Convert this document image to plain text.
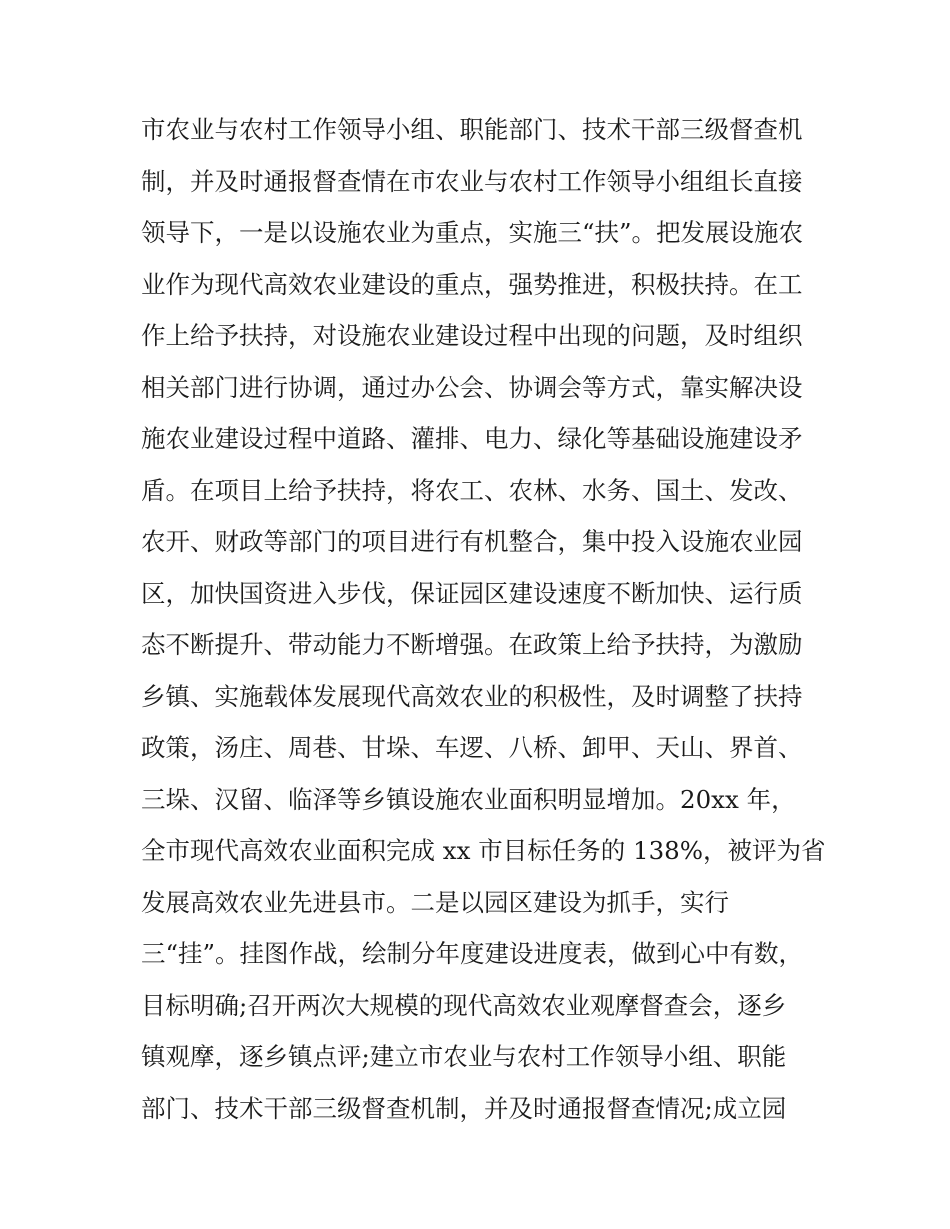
市农业与农村工作领导小组、职能部门、技术干部三级督查机
制，并及时通报督查情在市农业与农村工作领导小组组长直接
领导下，一是以设施农业为重点，实施三“扶”。把发展设施农
业作为现代高效农业建设的重点，强势推进，积极扶持。在工
作上给予扶持，对设施农业建设过程中出现的问题，及时组织
相关部门进行协调，通过办公会、协调会等方式，靠实解决设
施农业建设过程中道路、灌排、电力、绿化等基础设施建设矛
盾。在项目上给予扶持，将农工、农林、水务、国土、发改、
农开、财政等部门的项目进行有机整合，集中投入设施农业园
区，加快国资进入步伐，保证园区建设速度不断加快、运行质
态不断提升、带动能力不断增强。在政策上给予扶持，为激励
乡镇、实施载体发展现代高效农业的积极性，及时调整了扶持
政策，汤庄、周巷、甘垛、车逻、八桥、卸甲、天山、界首、
三垛、汉留、临泽等乡镇设施农业面积明显增加。20xx 年，
全市现代高效农业面积完成 xx 市目标任务的 138%，被评为省
发展高效农业先进县市。二是以园区建设为抓手，实行
三“挂”。挂图作战，绘制分年度建设进度表，做到心中有数，
目标明确;召开两次大规模的现代高效农业观摩督查会，逐乡
镇观摩，逐乡镇点评;建立市农业与农村工作领导小组、职能
部门、技术干部三级督查机制，并及时通报督查情况;成立园
